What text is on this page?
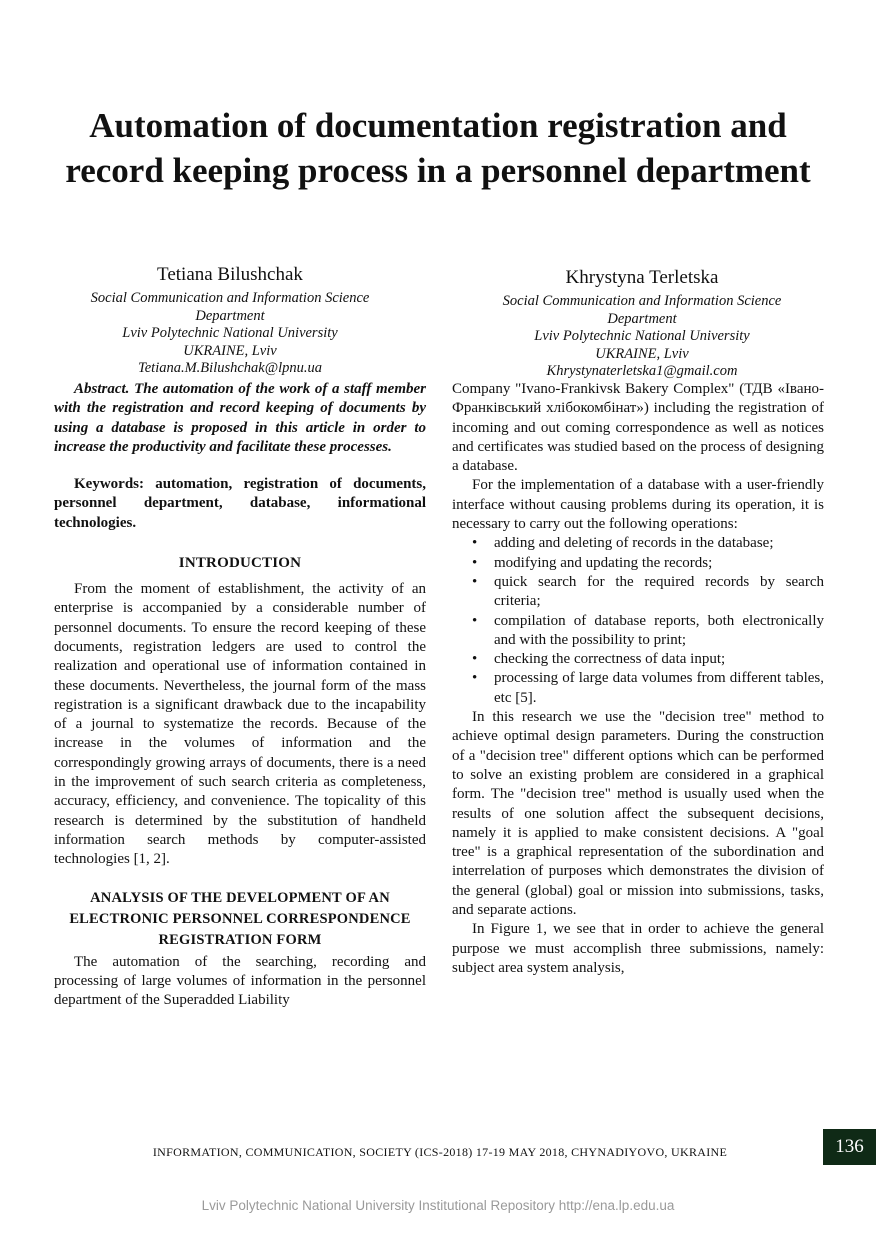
Automation of documentation registration and record keeping process in a personnel department
Tetiana Bilushchak
Social Communication and Information Science
Department
Lviv Polytechnic National University
UKRAINE, Lviv
Tetiana.M.Bilushchak@lpnu.ua
Khrystyna Terletska
Social Communication and Information Science
Department
Lviv Polytechnic National University
UKRAINE, Lviv
Khrystynaterletska1@gmail.com

Abstract. The automation of the work of a staff member with the registration and record keeping of documents by using a database is proposed in this article in order to increase the productivity and facilitate these processes.

Keywords: automation, registration of documents, personnel department, database, informational technologies.

INTRODUCTION

From the moment of establishment, the activity of an enterprise is accompanied by a considerable number of personnel documents. To ensure the record keeping of these documents, registration ledgers are used to control the realization and operational use of information contained in these documents. Nevertheless, the journal form of the mass registration is a significant drawback due to the incapability of a journal to systematize the records. Because of the increase in the volumes of information and the correspondingly growing arrays of documents, there is a need in the improvement of such search criteria as completeness, accuracy, efficiency, and convenience. The topicality of this research is determined by the substitution of handheld information search methods by computer-assisted technologies [1, 2].

ANALYSIS OF THE DEVELOPMENT OF AN ELECTRONIC PERSONNEL CORRESPONDENCE REGISTRATION FORM

The automation of the searching, recording and processing of large volumes of information in the personnel department of the Superadded Liability

Company "Ivano-Frankivsk Bakery Complex" (ТДВ «Івано-Франківський хлібокомбінат») including the registration of incoming and out coming correspondence as well as notices and certificates was studied based on the process of designing a database.

For the implementation of a database with a user-friendly interface without causing problems during its operation, it is necessary to carry out the following operations:

• adding and deleting of records in the database;
• modifying and updating the records;
• quick search for the required records by search criteria;
• compilation of database reports, both electronically and with the possibility to print;
• checking the correctness of data input;
• processing of large data volumes from different tables, etc [5].

In this research we use the "decision tree" method to achieve optimal design parameters. During the construction of a "decision tree" different options which can be performed to solve an existing problem are considered in a graphical form. The "decision tree" method is usually used when the results of one solution affect the subsequent decisions, namely it is applied to make consistent decisions. A "goal tree" is a graphical representation of the subordination and interrelation of purposes which demonstrates the division of the general (global) goal or mission into submissions, tasks, and separate actions.

In Figure 1, we see that in order to achieve the general purpose we must accomplish three submissions, namely: subject area system analysis,

INFORMATION, COMMUNICATION, SOCIETY (ICS-2018) 17-19 MAY 2018, CHYNADIYOVO, UKRAINE	136
Lviv Polytechnic National University Institutional Repository http://ena.lp.edu.ua
